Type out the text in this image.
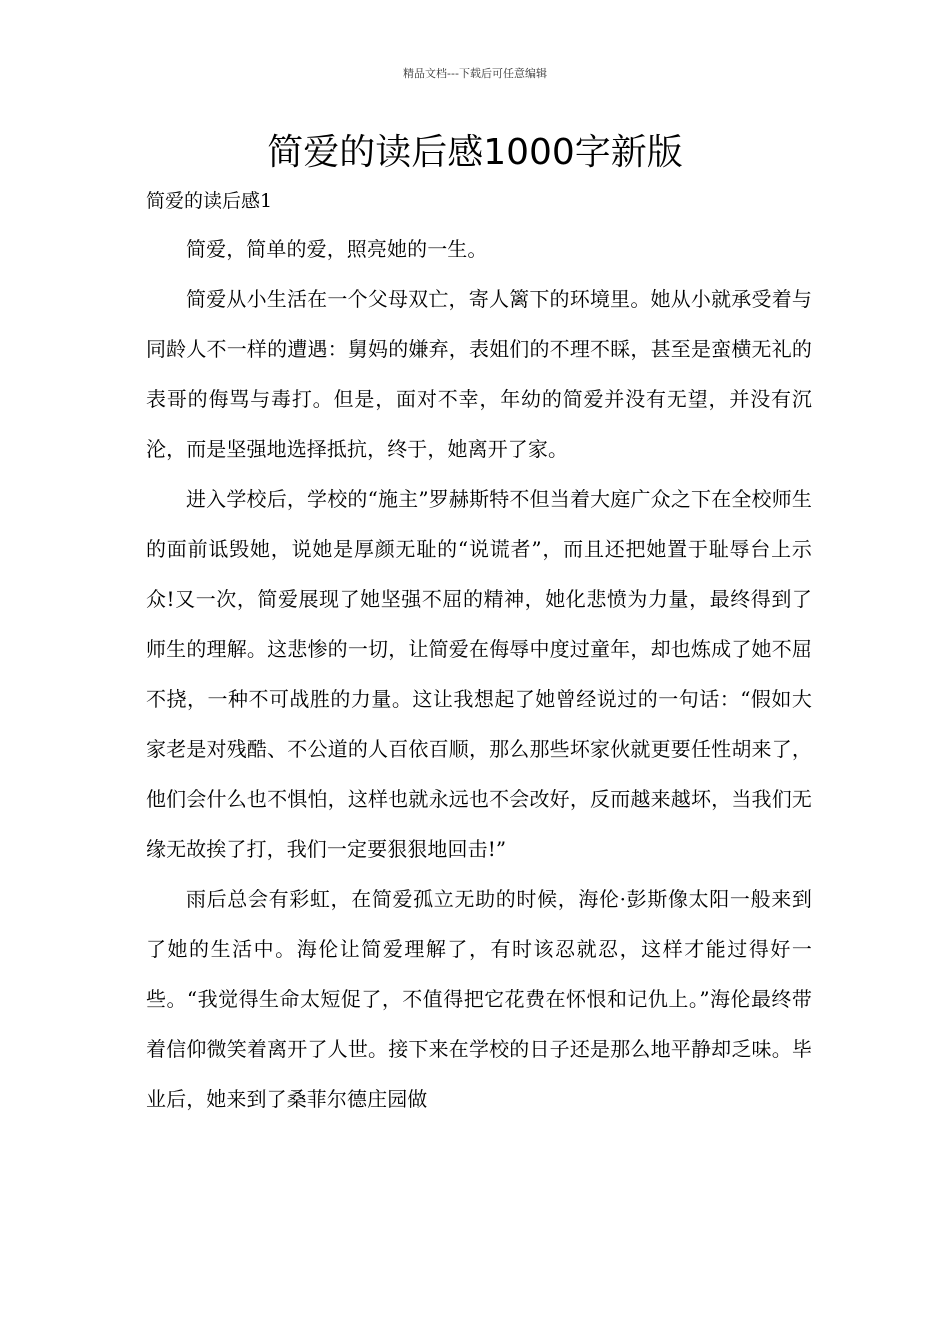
精品文档---下载后可任意编辑
简爱的读后感1000字新版

简爱的读后感1

简爱，简单的爱，照亮她的一生。

简爱从小生活在一个父母双亡，寄人篱下的环境里。她从小就承受着与同龄人不一样的遭遇：舅妈的嫌弃，表姐们的不理不睬，甚至是蛮横无礼的表哥的侮骂与毒打。但是，面对不幸，年幼的简爱并没有无望，并没有沉沦，而是坚强地选择抵抗，终于，她离开了家。

进入学校后，学校的“施主”罗赫斯特不但当着大庭广众之下在全校师生的面前诋毁她，说她是厚颜无耻的“说谎者”，而且还把她置于耻辱台上示众!又一次，简爱展现了她坚强不屈的精神，她化悲愤为力量，最终得到了师生的理解。这悲惨的一切，让简爱在侮辱中度过童年，却也炼成了她不屈不挠，一种不可战胜的力量。这让我想起了她曾经说过的一句话：“假如大家老是对残酷、不公道的人百依百顺，那么那些坏家伙就更要任性胡来了，他们会什么也不惧怕，这样也就永远也不会改好，反而越来越坏，当我们无缘无故挨了打，我们一定要狠狠地回击!”

雨后总会有彩虹，在简爱孤立无助的时候，海伦·彭斯像太阳一般来到了她的生活中。海伦让简爱理解了，有时该忍就忍，这样才能过得好一些。“我觉得生命太短促了，不值得把它花费在怀恨和记仇上。”海伦最终带着信仰微笑着离开了人世。接下来在学校的日子还是那么地平静却乏味。毕业后，她来到了桑菲尔德庄园做
